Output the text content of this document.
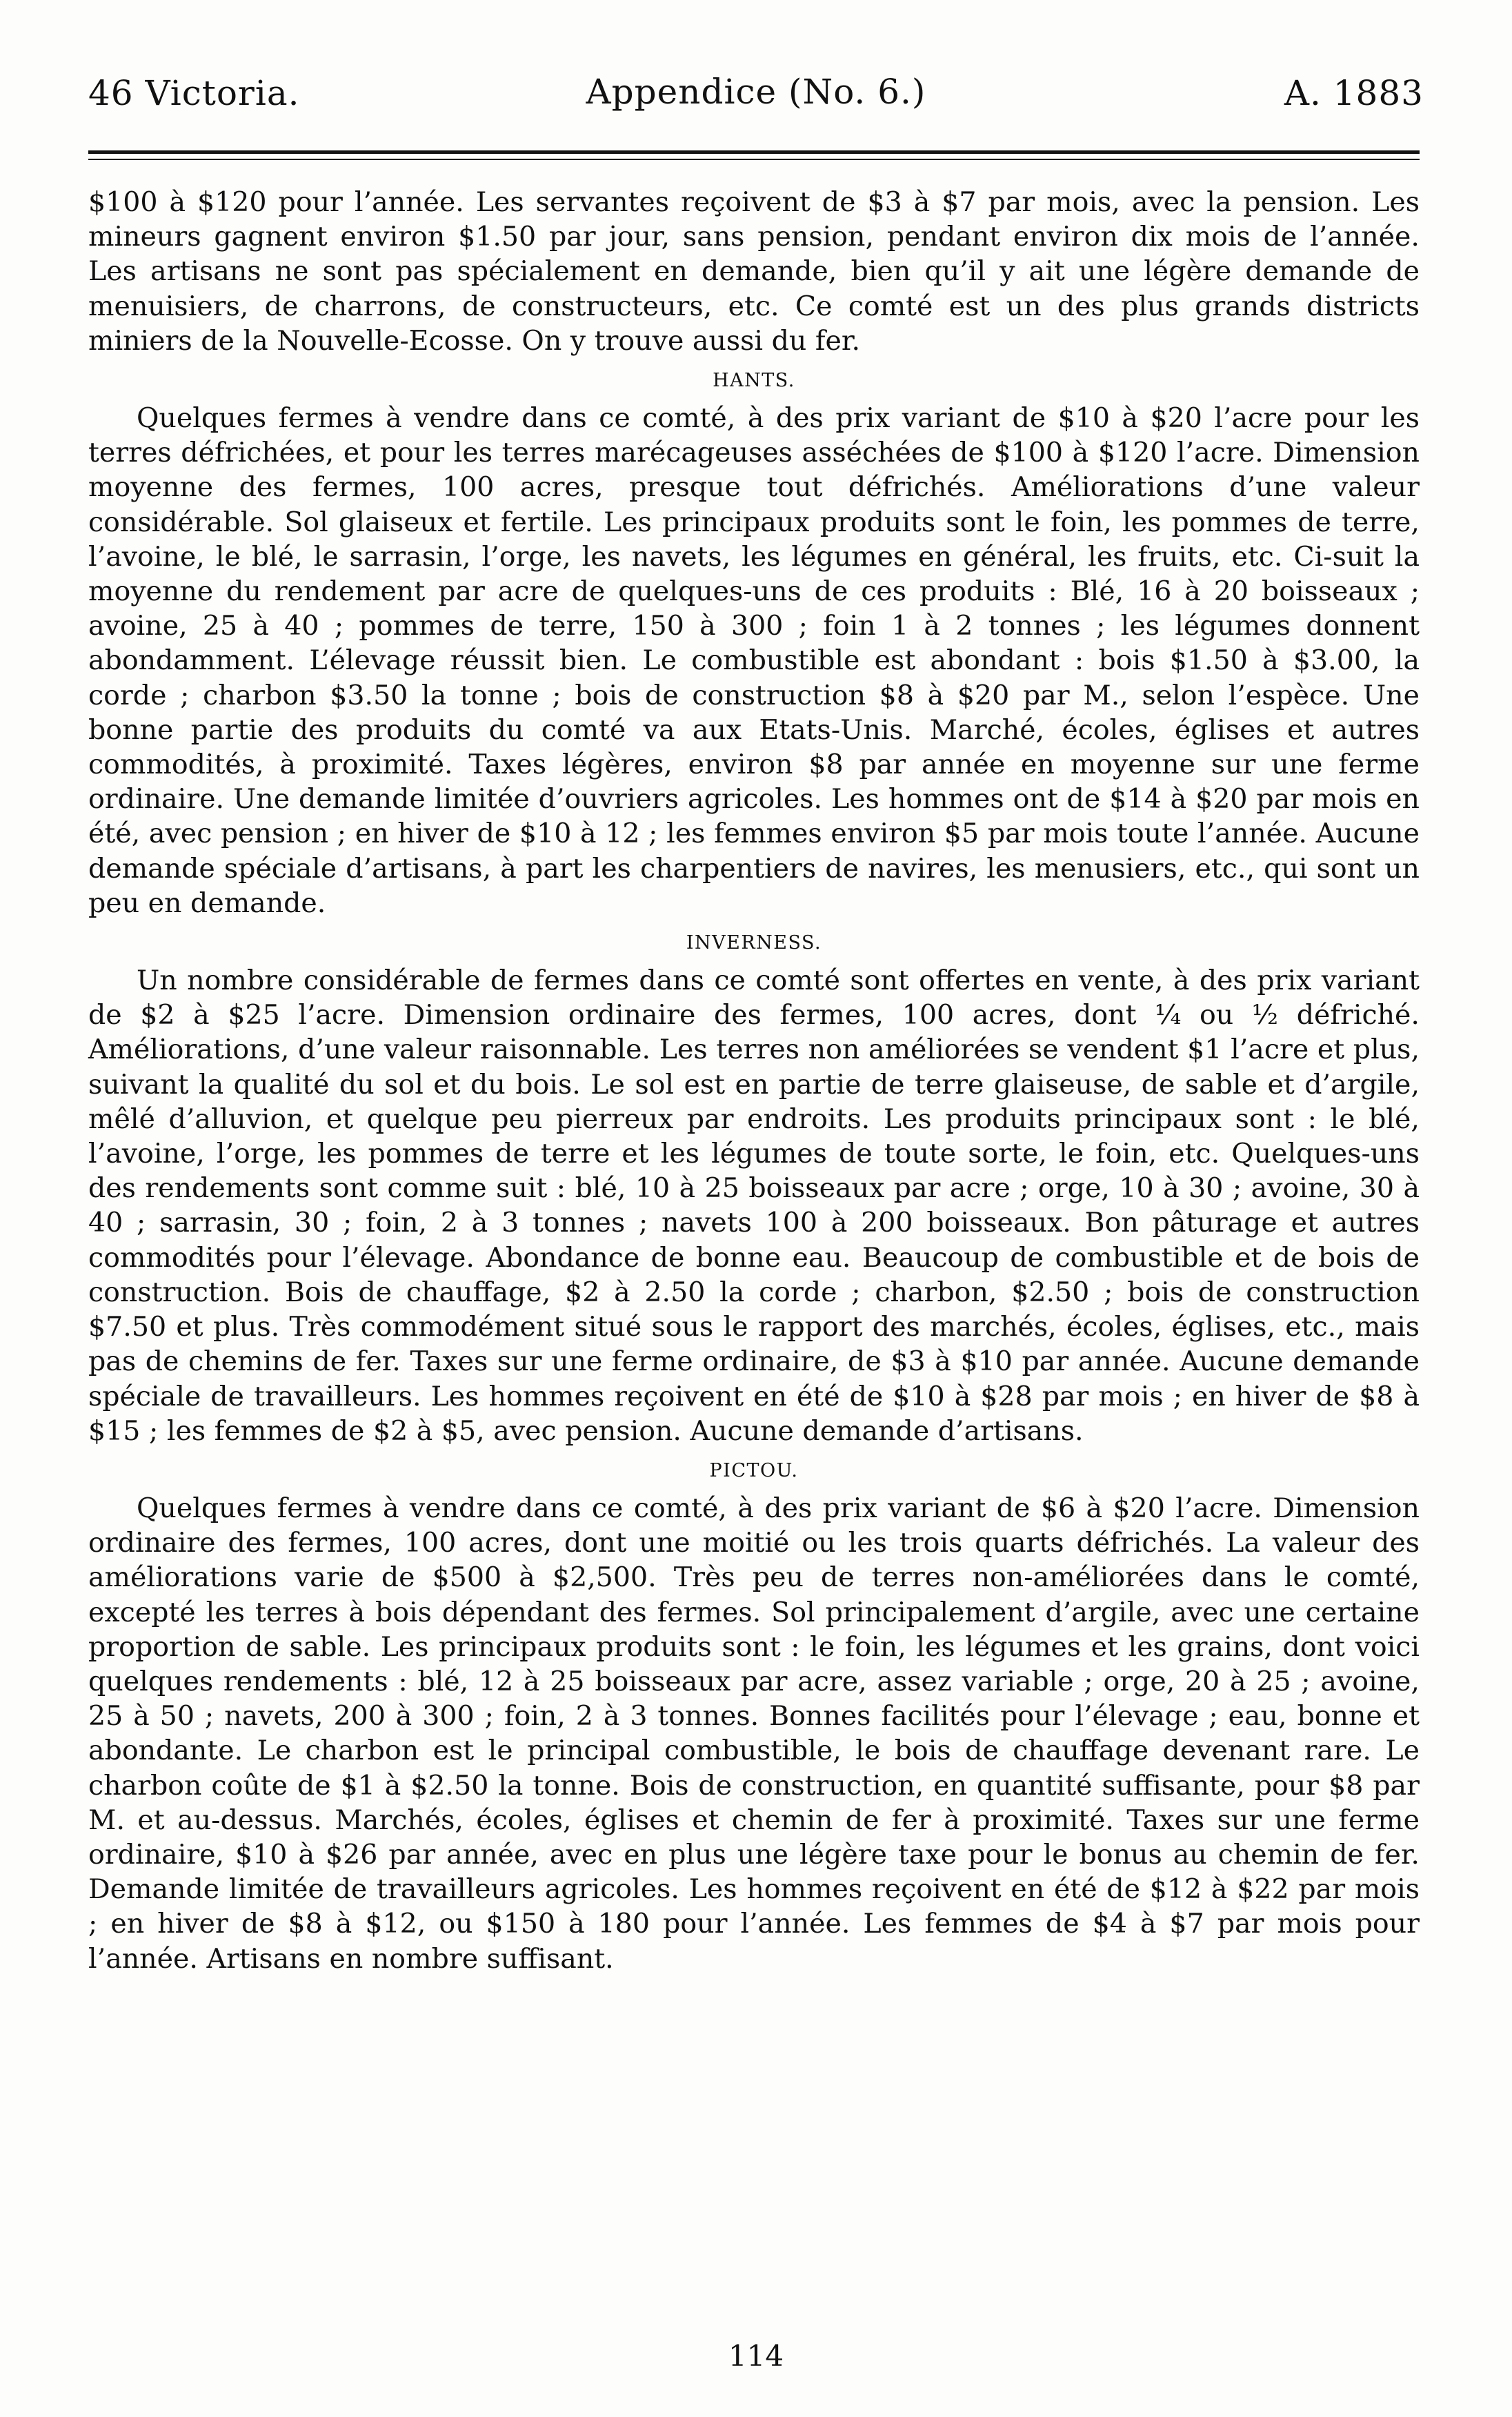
46 Victoria.	Appendice (No. 6.)	A. 1883

$100 à $120 pour l’année. Les servantes reçoivent de $3 à $7 par mois, avec la pension. Les mineurs gagnent environ $1.50 par jour, sans pension, pendant environ dix mois de l’année. Les artisans ne sont pas spécialement en demande, bien qu’il y ait une légère demande de menuisiers, de charrons, de constructeurs, etc. Ce comté est un des plus grands districts miniers de la Nouvelle-Ecosse. On y trouve aussi du fer.

HANTS.

Quelques fermes à vendre dans ce comté, à des prix variant de $10 à $20 l’acre pour les terres défrichées, et pour les terres marécageuses asséchées de $100 à $120 l’acre. Dimension moyenne des fermes, 100 acres, presque tout défrichés. Améliorations d’une valeur considérable. Sol glaiseux et fertile. Les principaux produits sont le foin, les pommes de terre, l’avoine, le blé, le sarrasin, l’orge, les navets, les légumes en général, les fruits, etc. Ci-suit la moyenne du rendement par acre de quelques-uns de ces produits : Blé, 16 à 20 boisseaux ; avoine, 25 à 40 ; pommes de terre, 150 à 300 ; foin 1 à 2 tonnes ; les légumes donnent abondamment. L’élevage réussit bien. Le combustible est abondant : bois $1.50 à $3.00, la corde ; charbon $3.50 la tonne ; bois de construction $8 à $20 par M., selon l’espèce. Une bonne partie des produits du comté va aux Etats-Unis. Marché, écoles, églises et autres commodités, à proximité. Taxes légères, environ $8 par année en moyenne sur une ferme ordinaire. Une demande limitée d’ouvriers agricoles. Les hommes ont de $14 à $20 par mois en été, avec pension ; en hiver de $10 à 12 ; les femmes environ $5 par mois toute l’année. Aucune demande spéciale d’artisans, à part les charpentiers de navires, les menusiers, etc., qui sont un peu en demande.

INVERNESS.

Un nombre considérable de fermes dans ce comté sont offertes en vente, à des prix variant de $2 à $25 l’acre. Dimension ordinaire des fermes, 100 acres, dont ¼ ou ½ défriché. Améliorations, d’une valeur raisonnable. Les terres non améliorées se vendent $1 l’acre et plus, suivant la qualité du sol et du bois. Le sol est en partie de terre glaiseuse, de sable et d’argile, mêlé d’alluvion, et quelque peu pierreux par endroits. Les produits principaux sont : le blé, l’avoine, l’orge, les pommes de terre et les légumes de toute sorte, le foin, etc. Quelques-uns des rendements sont comme suit : blé, 10 à 25 boisseaux par acre ; orge, 10 à 30 ; avoine, 30 à 40 ; sarrasin, 30 ; foin, 2 à 3 tonnes ; navets 100 à 200 boisseaux. Bon pâturage et autres commodités pour l’élevage. Abondance de bonne eau. Beaucoup de combustible et de bois de construction. Bois de chauffage, $2 à 2.50 la corde ; charbon, $2.50 ; bois de construction $7.50 et plus. Très commodément situé sous le rapport des marchés, écoles, églises, etc., mais pas de chemins de fer. Taxes sur une ferme ordinaire, de $3 à $10 par année. Aucune demande spéciale de travailleurs. Les hommes reçoivent en été de $10 à $28 par mois ; en hiver de $8 à $15 ; les femmes de $2 à $5, avec pension. Aucune demande d’artisans.

PICTOU.

Quelques fermes à vendre dans ce comté, à des prix variant de $6 à $20 l’acre. Dimension ordinaire des fermes, 100 acres, dont une moitié ou les trois quarts défrichés. La valeur des améliorations varie de $500 à $2,500. Très peu de terres non-améliorées dans le comté, excepté les terres à bois dépendant des fermes. Sol principalement d’argile, avec une certaine proportion de sable. Les principaux produits sont : le foin, les légumes et les grains, dont voici quelques rendements : blé, 12 à 25 boisseaux par acre, assez variable ; orge, 20 à 25 ; avoine, 25 à 50 ; navets, 200 à 300 ; foin, 2 à 3 tonnes. Bonnes facilités pour l’élevage ; eau, bonne et abondante. Le charbon est le principal combustible, le bois de chauffage devenant rare. Le charbon coûte de $1 à $2.50 la tonne. Bois de construction, en quantité suffisante, pour $8 par M. et au-dessus. Marchés, écoles, églises et chemin de fer à proximité. Taxes sur une ferme ordinaire, $10 à $26 par année, avec en plus une légère taxe pour le bonus au chemin de fer. Demande limitée de travailleurs agricoles. Les hommes reçoivent en été de $12 à $22 par mois ; en hiver de $8 à $12, ou $150 à 180 pour l’année. Les femmes de $4 à $7 par mois pour l’année. Artisans en nombre suffisant.

114
